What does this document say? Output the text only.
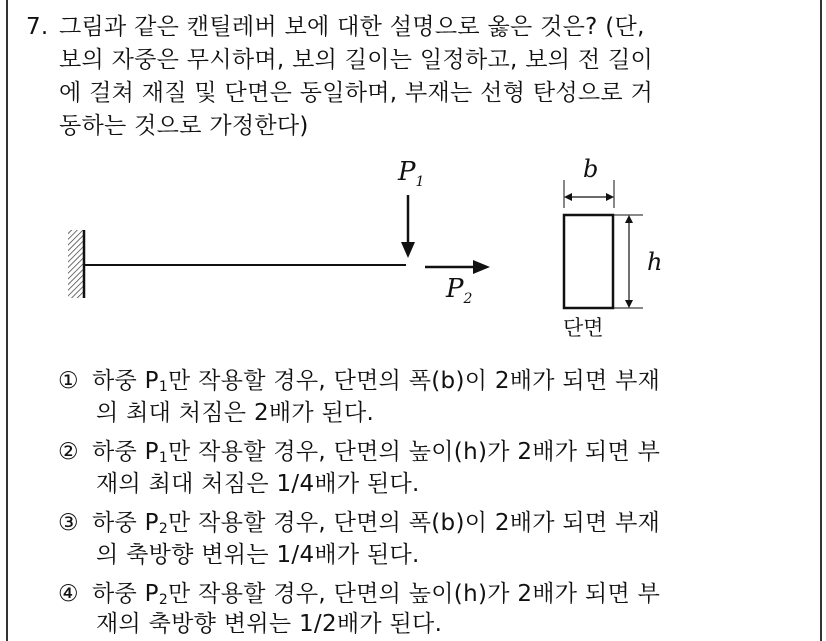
7. 그림과 같은 캔틸레버 보에 대한 설명으로 옳은 것은? (단,
보의 자중은 무시하며, 보의 길이는 일정하고, 보의 전 길이
에 걸쳐 재질 및 단면은 동일하며, 부재는 선형 탄성으로 거
동하는 것으로 가정한다)
$P_1$
$P_2$
b
h
단면
① 하중 $P_1$만 작용할 경우, 단면의 폭(b)이 2배가 되면 부재
의 최대 처짐은 2배가 된다.
② 하중 $P_1$만 작용할 경우, 단면의 높이(h)가 2배가 되면 부
재의 최대 처짐은 1/4배가 된다.
③ 하중 $P_2$만 작용할 경우, 단면의 폭(b)이 2배가 되면 부재
의 축방향 변위는 1/4배가 된다.
④ 하중 $P_2$만 작용할 경우, 단면의 높이(h)가 2배가 되면 부
재의 축방향 변위는 1/2배가 된다.
